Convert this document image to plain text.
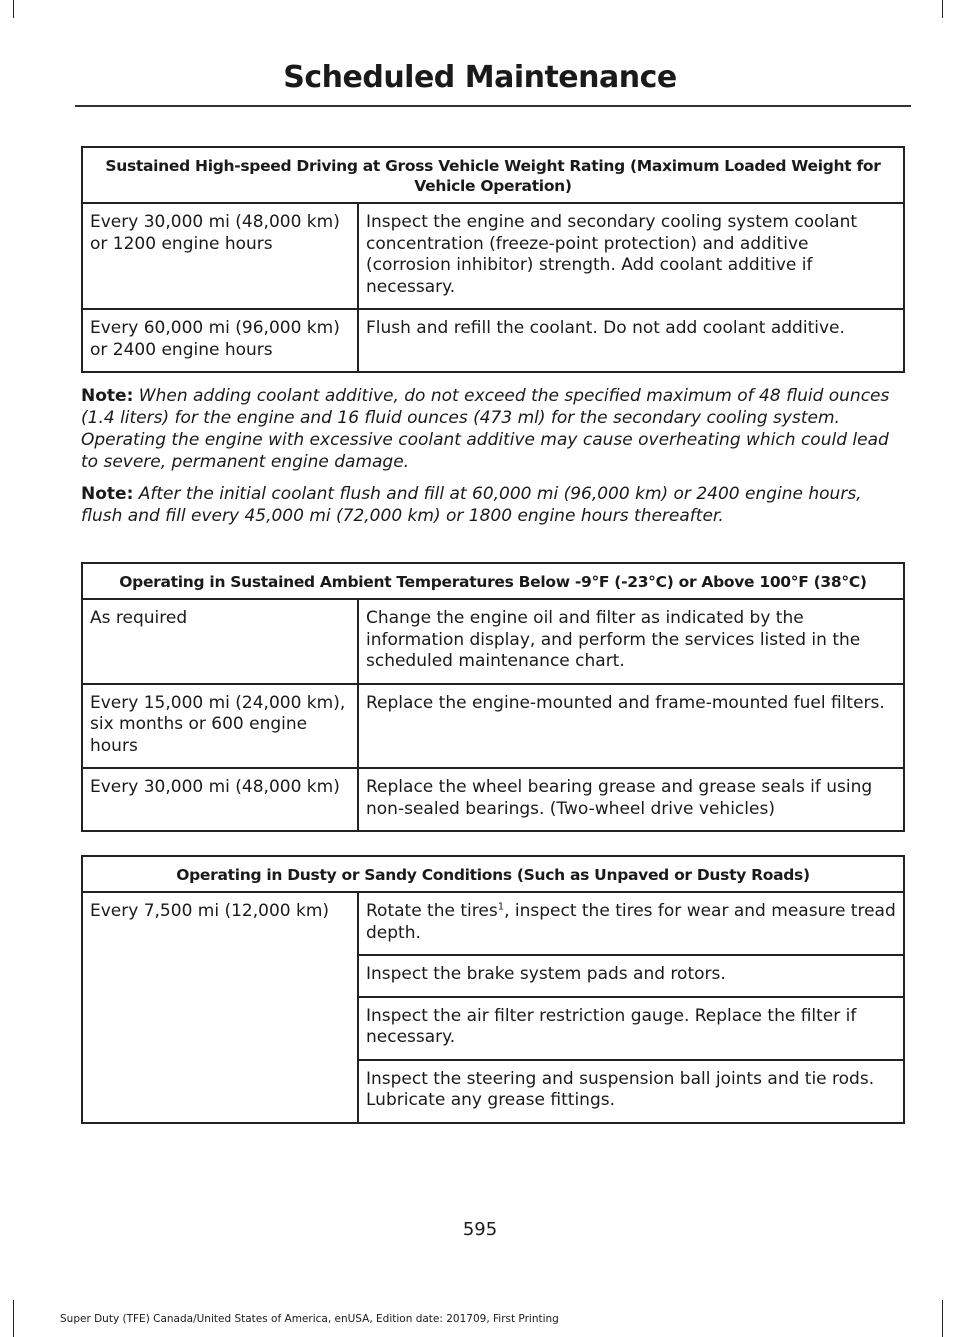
Scheduled Maintenance
Sustained High-speed Driving at Gross Vehicle Weight Rating (Maximum Loaded Weight for Vehicle Operation)	
Every 30,000 mi (48,000 km) or 1200 engine hours	Inspect the engine and secondary cooling system coolant concentration (freeze-point protection) and additive (corrosion inhibitor) strength. Add coolant additive if necessary.
Every 60,000 mi (96,000 km) or 2400 engine hours	Flush and refill the coolant. Do not add coolant additive.

Note: When adding coolant additive, do not exceed the specified maximum of 48 fluid ounces (1.4 liters) for the engine and 16 fluid ounces (473 ml) for the secondary cooling system. Operating the engine with excessive coolant additive may cause overheating which could lead to severe, permanent engine damage.

Note: After the initial coolant flush and fill at 60,000 mi (96,000 km) or 2400 engine hours, flush and fill every 45,000 mi (72,000 km) or 1800 engine hours thereafter.

Operating in Sustained Ambient Temperatures Below -9°F (-23°C) or Above 100°F (38°C)	
As required	Change the engine oil and filter as indicated by the information display, and perform the services listed in the scheduled maintenance chart.
Every 15,000 mi (24,000 km), six months or 600 engine hours	Replace the engine-mounted and frame-mounted fuel filters.
Every 30,000 mi (48,000 km)	Replace the wheel bearing grease and grease seals if using non-sealed bearings. (Two-wheel drive vehicles)
Operating in Dusty or Sandy Conditions (Such as Unpaved or Dusty Roads)
Every 7,500 mi (12,000 km)	Rotate the tires$^1$, inspect the tires for wear and measure tread depth.
Inspect the brake system pads and rotors.
Inspect the air filter restriction gauge. Replace the filter if necessary.
Inspect the steering and suspension ball joints and tie rods. Lubricate any grease fittings.
595
Super Duty (TFE) Canada/United States of America, enUSA, Edition date: 201709, First Printing
